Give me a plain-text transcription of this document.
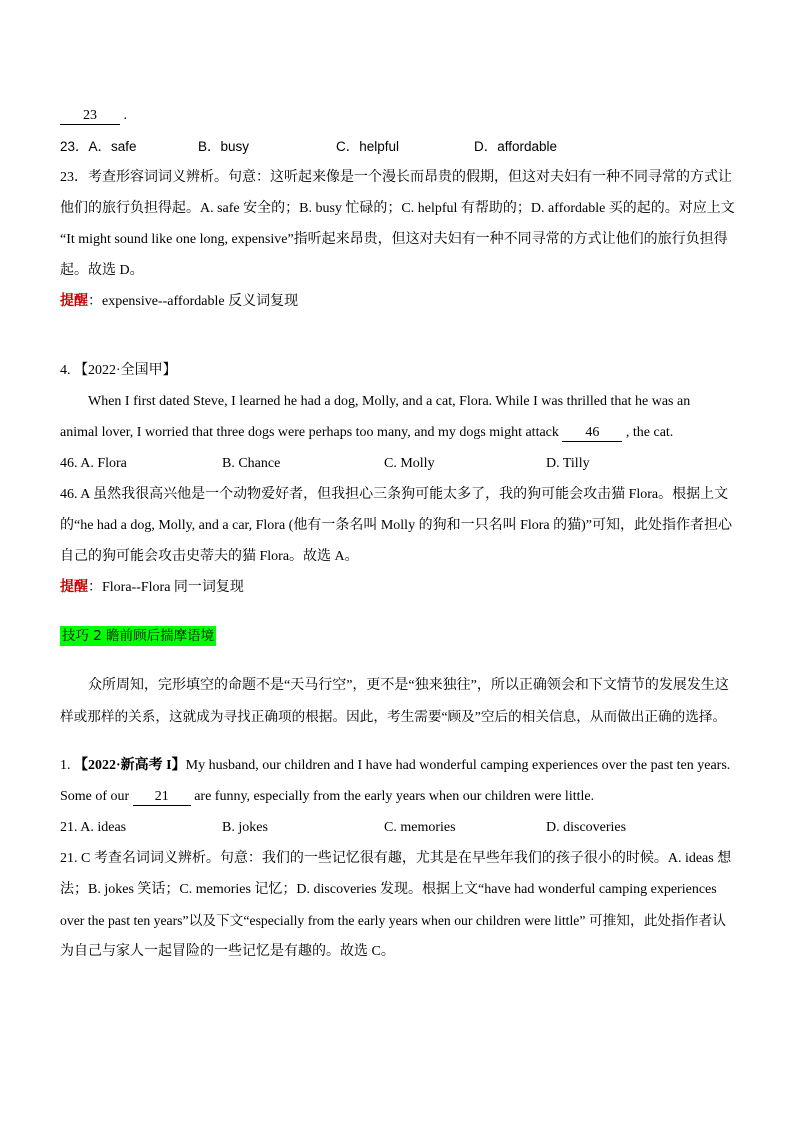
23 .
23．A．safe	B．busy	C．helpful	D．affordable
23．考查形容词词义辨析。句意：这听起来像是一个漫长而昂贵的假期，但这对夫妇有一种不同寻常的方式让
他们的旅行负担得起。A. safe 安全的；B. busy 忙碌的；C. helpful 有帮助的；D. affordable 买的起的。对应上文
“It might sound like one long, expensive”指听起来昂贵，但这对夫妇有一种不同寻常的方式让他们的旅行负担得
起。故选 D。
提醒：expensive--affordable 反义词复现
4. 【2022·全国甲】
When I first dated Steve, I learned he had a dog, Molly, and a cat, Flora. While I was thrilled that he was an
animal lover, I worried that three dogs were perhaps too many, and my dogs might attack 46 , the cat.
46. A. Flora	B. Chance	C. Molly	D. Tilly
46. A 虽然我很高兴他是一个动物爱好者，但我担心三条狗可能太多了，我的狗可能会攻击猫 Flora。根据上文
的“he had a dog, Molly, and a car, Flora (他有一条名叫 Molly 的狗和一只名叫 Flora 的猫)”可知，此处指作者担心
自己的狗可能会攻击史蒂夫的猫 Flora。故选 A。
提醒：Flora--Flora 同一词复现
技巧 2 瞻前顾后揣摩语境
众所周知，完形填空的命题不是“天马行空”，更不是“独来独往”，所以正确领会和下文情节的发展发生这
样或那样的关系，这就成为寻找正确项的根据。因此，考生需要“顾及”空后的相关信息，从而做出正确的选择。
1. 【2022·新高考 I】My husband, our children and I have had wonderful camping experiences over the past ten years.
Some of our 21 are funny, especially from the early years when our children were little.
21. A. ideas	B. jokes	C. memories	D. discoveries
21. C 考查名词词义辨析。句意：我们的一些记忆很有趣，尤其是在早些年我们的孩子很小的时候。A. ideas 想
法；B. jokes 笑话；C. memories 记忆；D. discoveries 发现。根据上文“have had wonderful camping experiences
over the past ten years”以及下文“especially from the early years when our children were little” 可推知，此处指作者认
为自己与家人一起冒险的一些记忆是有趣的。故选 C。
